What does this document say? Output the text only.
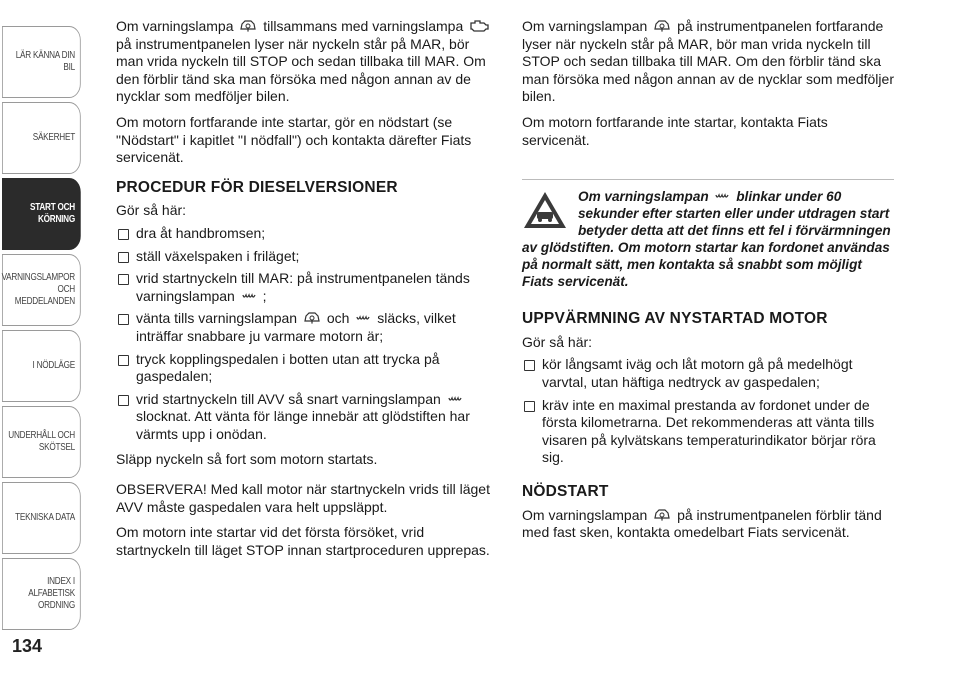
LÄR KÄNNA DIN BIL
SÄKERHET
START OCH
KÖRNING
VARNINGSLAMPOR
OCH
MEDDELANDEN
I NÖDLÄGE
UNDERHÅLL OCH
SKÖTSEL
TEKNISKA DATA
INDEX I ALFABETISK
ORDNING
134

Om varningslampa tillsammans med varningslampa  på instrumentpanelen lyser när nyckeln står på MAR, bör man vrida nyckeln till STOP och sedan tillbaka till MAR. Om den förblir tänd ska man försöka med någon annan av de nycklar som medföljer bilen.

Om motorn fortfarande inte startar, gör en nödstart (se "Nödstart" i kapitlet "I nödfall") och kontakta därefter Fiats servicenät.

PROCEDUR FÖR DIESELVERSIONER

Gör så här:

dra åt handbromsen;
ställ växelspaken i friläget;
vrid startnyckeln till MAR: på instrumentpanelen tänds varningslampan ;
vänta tills varningslampan och släcks, vilket inträffar snabbare ju varmare motorn är;
tryck kopplingspedalen i botten utan att trycka på gaspedalen;
vrid startnyckeln till AVV så snart varningslampan  slocknat. Att vänta för länge innebär att glödstiften har värmts upp i onödan.

Släpp nyckeln så fort som motorn startats.

OBSERVERA! Med kall motor när startnyckeln vrids till läget AVV måste gaspedalen vara helt uppsläppt.

Om motorn inte startar vid det första försöket, vrid startnyckeln till läget STOP innan startproceduren upprepas.

Om varningslampan på instrumentpanelen fortfarande lyser när nyckeln står på MAR, bör man vrida nyckeln till STOP och sedan tillbaka till MAR. Om den förblir tänd ska man försöka med någon annan av de nycklar som medföljer bilen.

Om motorn fortfarande inte startar, kontakta Fiats servicenät.

Om varningslampan blinkar under 60 sekunder efter starten eller under utdragen start betyder detta att det finns ett fel i förvärmningen av glödstiften. Om motorn startar kan fordonet användas på normalt sätt, men kontakta så snabbt som möjligt Fiats servicenät.
UPPVÄRMNING AV NYSTARTAD MOTOR

Gör så här:

kör långsamt iväg och låt motorn gå på medelhögt varvtal, utan häftiga nedtryck av gaspedalen;
kräv inte en maximal prestanda av fordonet under de första kilometrarna. Det rekommenderas att vänta tills visaren på kylvätskans temperaturindikator börjar röra sig.
NÖDSTART

Om varningslampan på instrumentpanelen förblir tänd med fast sken, kontakta omedelbart Fiats servicenät.
